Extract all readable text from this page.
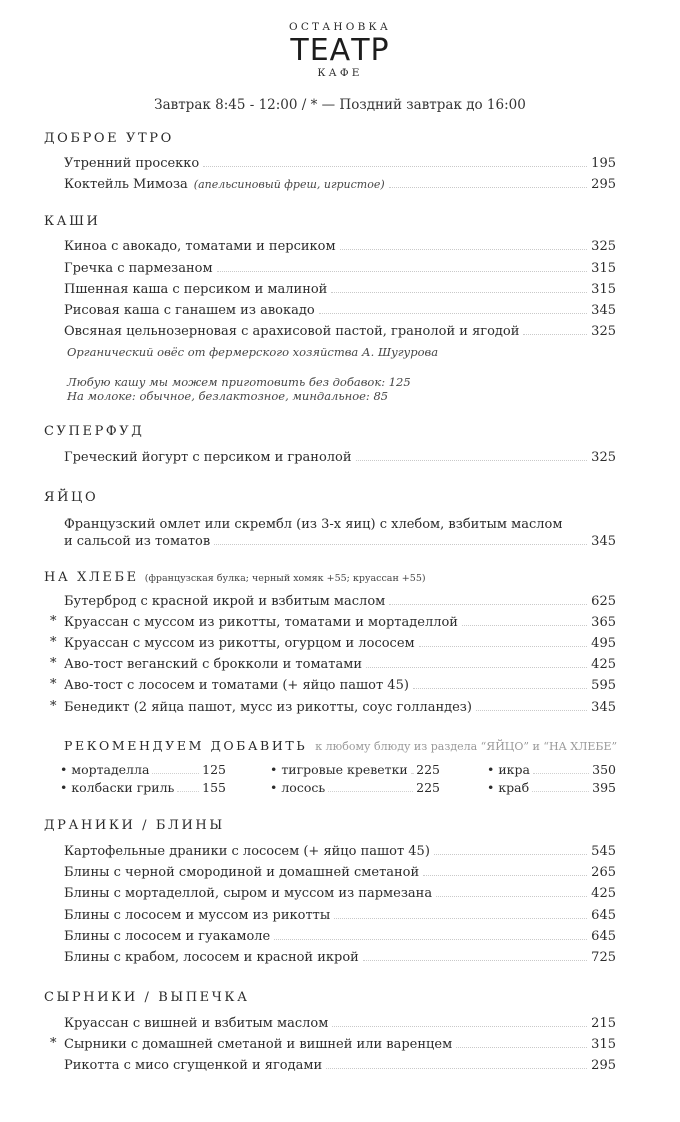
ОСТАНОВКА
ТЕАТР
КАФЕ
Завтрак 8:45 - 12:00 / * — Поздний завтрак до 16:00
ДОБРОЕ УТРО
Утренний просекко	195
Коктейль Мимоза (апельсиновый фреш, игристое)	295
КАШИ
Киноа с авокадо, томатами и персиком	325
Гречка с пармезаном	315
Пшенная каша с персиком и малиной	315
Рисовая каша с ганашем из авокадо	345
Овсяная цельнозерновая с арахисовой пастой, гранолой и ягодой	325
Органический овёс от фермерского хозяйства А. Шугурова
Любую кашу мы можем приготовить без добавок: 125
На молоке: обычное, безлактозное, миндальное: 85
СУПЕРФУД
Греческий йогурт с персиком и гранолой	325
ЯЙЦО
Французский омлет или скрембл (из 3-х яиц) с хлебом, взбитым маслом
и сальсой из томатов	345
НА ХЛЕБЕ (французская булка; черный хомяк +55; круассан +55)
Бутерброд с красной икрой и взбитым маслом	625
* Круассан с муссом из рикотты, томатами и мортаделлой	365
* Круассан с муссом из рикотты, огурцом и лососем	495
* Аво-тост веганский с брокколи и томатами	425
* Аво-тост с лососем и томатами (+ яйцо пашот 45)	595
* Бенедикт (2 яйца пашот, мусс из рикотты, соус голландез)	345
РЕКОМЕНДУЕМ ДОБАВИТЬ к любому блюду из раздела “ЯЙЦО” и “НА ХЛЕБЕ”
• мортаделла	125	• тигровые креветки 225	• икра	350
• колбаски гриль 155	• лосось	225	• краб	395
ДРАНИКИ / БЛИНЫ
Картофельные драники с лососем (+ яйцо пашот 45)	545
Блины с черной смородиной и домашней сметаной	265
Блины с мортаделлой, сыром и муссом из пармезана	425
Блины с лососем и муссом из рикотты	645
Блины с лососем и гуакамоле	645
Блины с крабом, лососем и красной икрой	725
СЫРНИКИ / ВЫПЕЧКА
Круассан с вишней и взбитым маслом	215
* Сырники с домашней сметаной и вишней или варенцем	315
Рикотта с мисо сгущенкой и ягодами	295
